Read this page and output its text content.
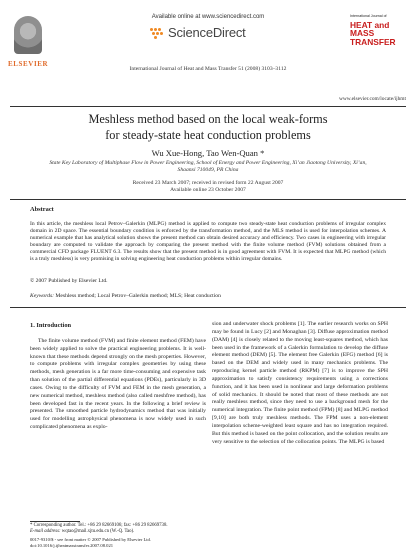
ELSEVIER
Available online at www.sciencedirect.com
ScienceDirect
International Journal of Heat and Mass Transfer 51 (2008) 3103–3112
www.elsevier.com/locate/ijhmt
International Journal of
HEAT and MASS
TRANSFER
Meshless method based on the local weak-forms
for steady-state heat conduction problems
Wu Xue-Hong, Tao Wen-Quan *
State Key Laboratory of Multiphase Flow in Power Engineering, School of Energy and Power Engineering, Xi’an Jiaotong University, Xi’an, Shaanxi 710049, PR China
Received 23 March 2007; received in revised form 22 August 2007
Available online 23 October 2007
Abstract
In this article, the meshless local Petrov–Galerkin (MLPG) method is applied to compute two steady-state heat conduction problems of irregular complex domain in 2D space. The essential boundary condition is enforced by the transformation method, and the MLS method is used for interpolation schemes. A numerical example that has analytical solution shows the present method can obtain desired accuracy and efficiency. Two cases in engineering with irregular boundary are computed to validate the approach by comparing the present method with the finite volume method (FVM) solutions obtained from a commercial CFD package FLUENT 6.3. The results show that the present method is in good agreement with FVM. It is expected that MLPG method (which is a truly meshless) is very promising in solving engineering heat conduction problems within irregular domains.
© 2007 Published by Elsevier Ltd.
Keywords: Meshless method; Local Petrov–Galerkin method; MLS; Heat conduction
1. Introduction
The finite volume method (FVM) and finite element method (FEM) have been widely applied to solve the practical engineering problems. It is well-known that these methods depend strongly on the mesh properties. However, to compute problems with irregular complex geometries by using these methods, mesh generation is a far more time-consuming and expensive task than solution of the partial differential equations (PDEs), particularly in 3D cases. Owing to the difficulty of FVM and FEM in the mesh generation, a new numerical method, meshless method (also called meshfree method), has been developed fast in the recent years. In the following a brief review is presented. The smoothed particle hydrodynamics method that was initially used for modelling astrophysical phenomena is now widely used in such complicated phenomena as explo-
sion and underwater shock problems [1]. The earlier research works on SPH may be found in Lucy [2] and Monaghan [3]. Diffuse approximation method (DAM) [4] is closely related to the moving least-squares method, which has been used in the framework of a Galerkin formulation to develop the diffuse element method (DEM) [5]. The element free Galerkin (EFG) method [6] is based on the DEM and widely used in many mechanics problems. The reproducing kernel particle method (RKPM) [7] is to improve the SPH approximation to satisfy consistency requirements using a corrections function, and it has been used in nonlinear and large deformation problems of solid mechanics. It should be noted that most of these methods are not really meshless method, since they need to use a background mesh for the numerical integration. The finite point method (FPM) [8] and MLPG method [9,10] are both truly meshless methods. The FPM uses a non-element interpolation scheme-weighted least square and has no integration required. But this method is based on the point collocation, and the solution results are very sensitive to the selection of the collocation points. The MLPG is based
* Corresponding author. Tel.: +86 29 82669106; fax: +86 29 82669738.
E-mail address: wqtao@mail.xjtu.edu.cn (W.-Q. Tao).
0017-9310/$ - see front matter © 2007 Published by Elsevier Ltd.
doi:10.1016/j.ijheatmasstransfer.2007.08.021
